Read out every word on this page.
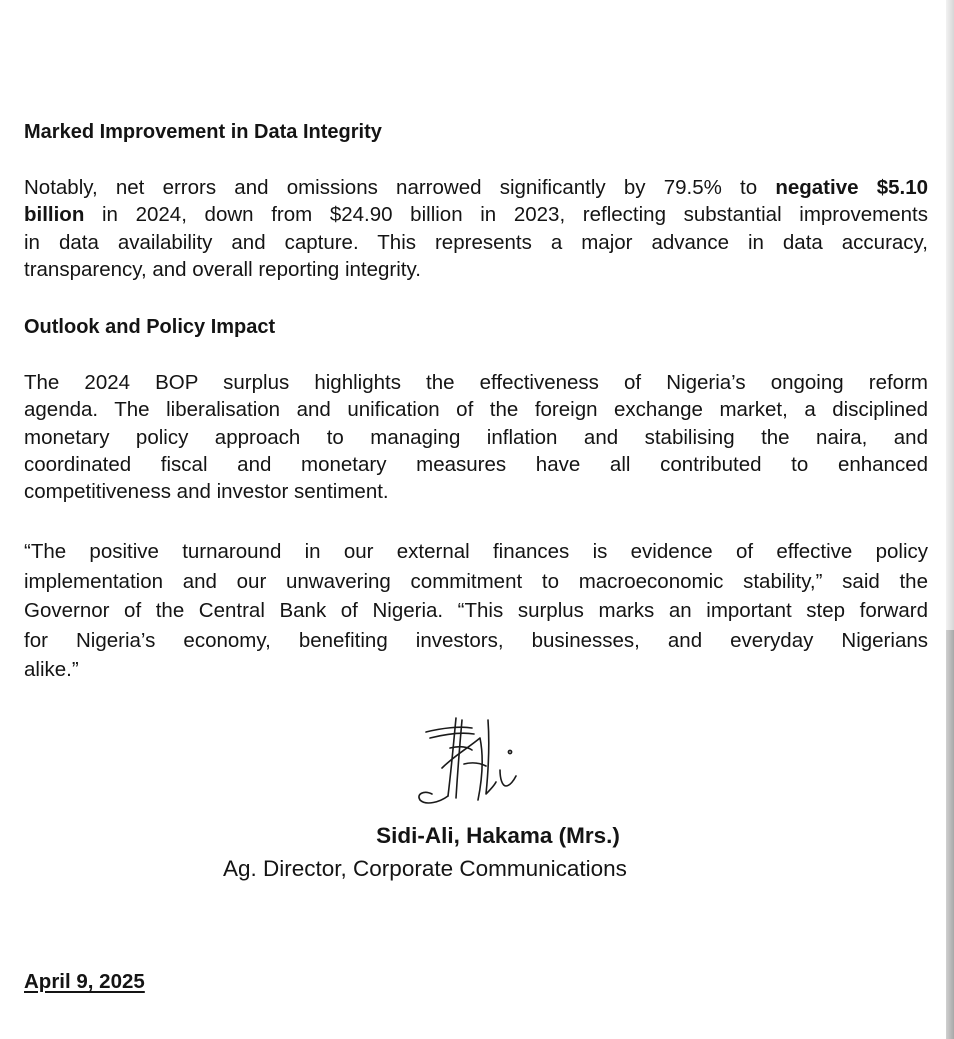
Marked Improvement in Data Integrity
Notably, net errors and omissions narrowed significantly by 79.5% to negative $5.10
billion in 2024, down from $24.90 billion in 2023, reflecting substantial improvements
in data availability and capture. This represents a major advance in data accuracy,
transparency, and overall reporting integrity.
Outlook and Policy Impact
The 2024 BOP surplus highlights the effectiveness of Nigeria’s ongoing reform
agenda. The liberalisation and unification of the foreign exchange market, a disciplined
monetary policy approach to managing inflation and stabilising the naira, and
coordinated fiscal and monetary measures have all contributed to enhanced
competitiveness and investor sentiment.
“The positive turnaround in our external finances is evidence of effective policy
implementation and our unwavering commitment to macroeconomic stability,” said the
Governor of the Central Bank of Nigeria. “This surplus marks an important step forward
for Nigeria’s economy, benefiting investors, businesses, and everyday Nigerians
alike.”
Sidi-Ali, Hakama (Mrs.)
Ag. Director, Corporate Communications
April 9, 2025
